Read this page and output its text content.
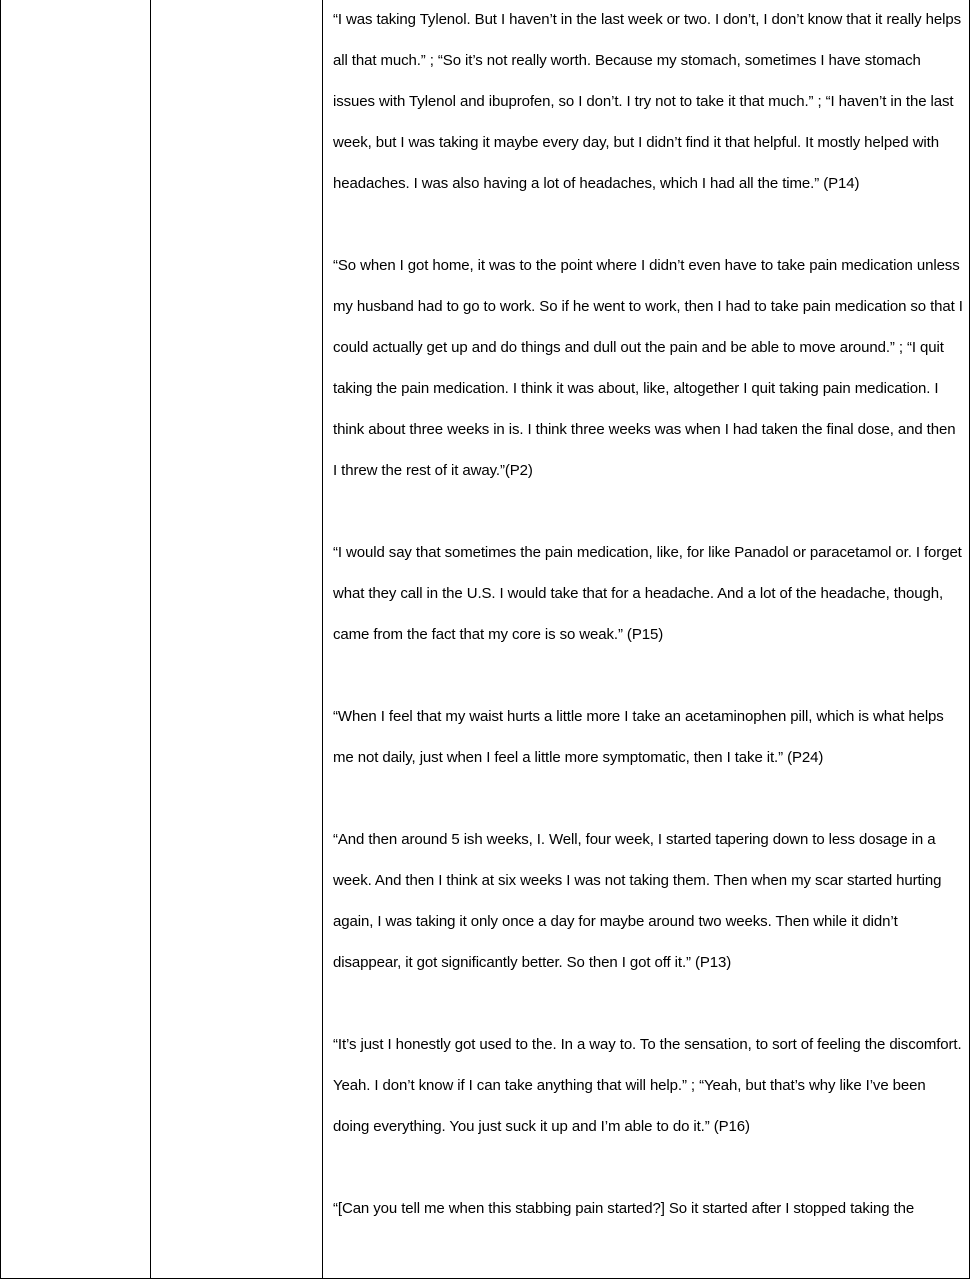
“I was taking Tylenol. But I haven’t in the last week or two. I don’t, I don’t know that it really helps all that much.” ; “So it’s not really worth. Because my stomach, sometimes I have stomach issues with Tylenol and ibuprofen, so I don’t. I try not to take it that much.” ; “I haven’t in the last week, but I was taking it maybe every day, but I didn’t find it that helpful. It mostly helped with headaches. I was also having a lot of headaches, which I had all the time.” (P14)

“So when I got home, it was to the point where I didn’t even have to take pain medication unless my husband had to go to work. So if he went to work, then I had to take pain medication so that I could actually get up and do things and dull out the pain and be able to move around.” ; “I quit taking the pain medication. I think it was about, like, altogether I quit taking pain medication. I think about three weeks in is. I think three weeks was when I had taken the final dose, and then I threw the rest of it away.”(P2)

“I would say that sometimes the pain medication, like, for like Panadol or paracetamol or. I forget what they call in the U.S. I would take that for a headache. And a lot of the headache, though, came from the fact that my core is so weak.” (P15)

“When I feel that my waist hurts a little more I take an acetaminophen pill, which is what helps me not daily, just when I feel a little more symptomatic, then I take it.” (P24)

“And then around 5 ish weeks, I. Well, four week, I started tapering down to less dosage in a week. And then I think at six weeks I was not taking them. Then when my scar started hurting again, I was taking it only once a day for maybe around two weeks. Then while it didn’t disappear, it got significantly better. So then I got off it.” (P13)

“It’s just I honestly got used to the. In a way to. To the sensation, to sort of feeling the discomfort. Yeah. I don’t know if I can take anything that will help.” ; “Yeah, but that’s why like I’ve been doing everything. You just suck it up and I’m able to do it.” (P16)

“[Can you tell me when this stabbing pain started?] So it started after I stopped taking the
